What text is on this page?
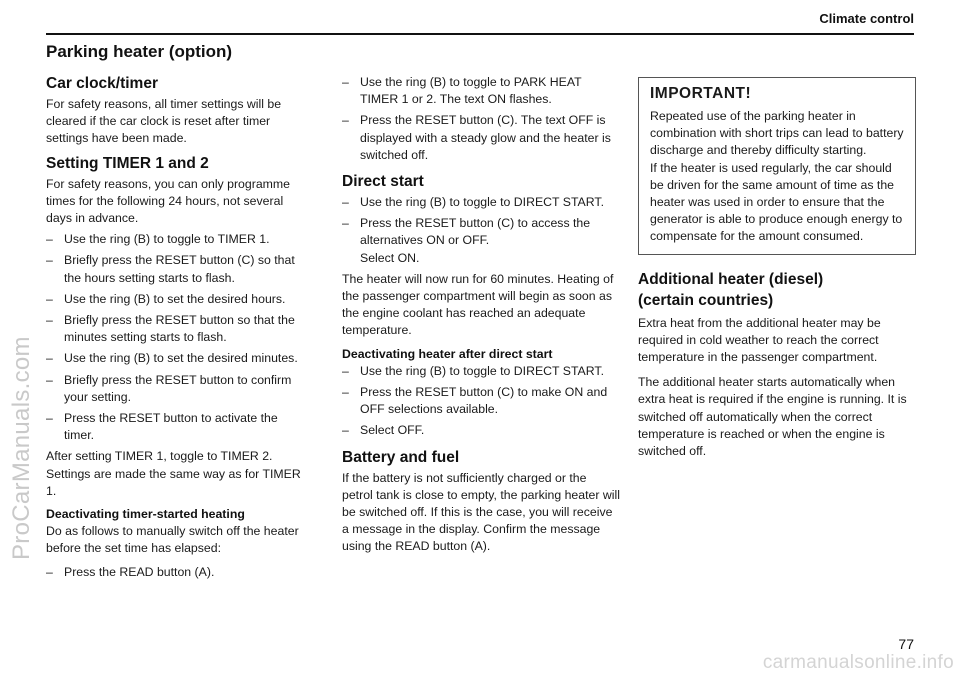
Climate control
Parking heater (option)
Car clock/timer

For safety reasons, all timer settings will be cleared if the car clock is reset after timer settings have been made.

Setting TIMER 1 and 2

For safety reasons, you can only programme times for the following 24 hours, not several days in advance.

– Use the ring (B) to toggle to TIMER 1.
– Briefly press the RESET button (C) so that the hours setting starts to flash.
– Use the ring (B) to set the desired hours.
– Briefly press the RESET button so that the minutes setting starts to flash.
– Use the ring (B) to set the desired minutes.
– Briefly press the RESET button to confirm your setting.
– Press the RESET button to activate the timer.

After setting TIMER 1, toggle to TIMER 2. Settings are made the same way as for TIMER 1.

Deactivating timer-started heating

Do as follows to manually switch off the heater before the set time has elapsed:

– Press the READ button (A).
– Use the ring (B) to toggle to PARK HEAT TIMER 1 or 2. The text ON flashes.
– Press the RESET button (C). The text OFF is displayed with a steady glow and the heater is switched off.
Direct start
– Use the ring (B) to toggle to DIRECT START.
– Press the RESET button (C) to access the alternatives ON or OFF.
Select ON.

The heater will now run for 60 minutes. Heating of the passenger compartment will begin as soon as the engine coolant has reached an adequate temperature.

Deactivating heater after direct start
– Use the ring (B) to toggle to DIRECT START.
– Press the RESET button (C) to make ON and OFF selections available.
– Select OFF.
Battery and fuel

If the battery is not sufficiently charged or the petrol tank is close to empty, the parking heater will be switched off. If this is the case, you will receive a message in the display. Confirm the message using the READ button (A).

IMPORTANT!

Repeated use of the parking heater in combination with short trips can lead to battery discharge and thereby difficulty starting.
If the heater is used regularly, the car should be driven for the same amount of time as the heater was used in order to ensure that the generator is able to produce enough energy to compensate for the amount consumed.

Additional heater (diesel)
(certain countries)

Extra heat from the additional heater may be required in cold weather to reach the correct temperature in the passenger compartment.

The additional heater starts automatically when extra heat is required if the engine is running. It is switched off automatically when the correct temperature is reached or when the engine is switched off.

77
ProCarManuals.com
carmanualsonline.info
